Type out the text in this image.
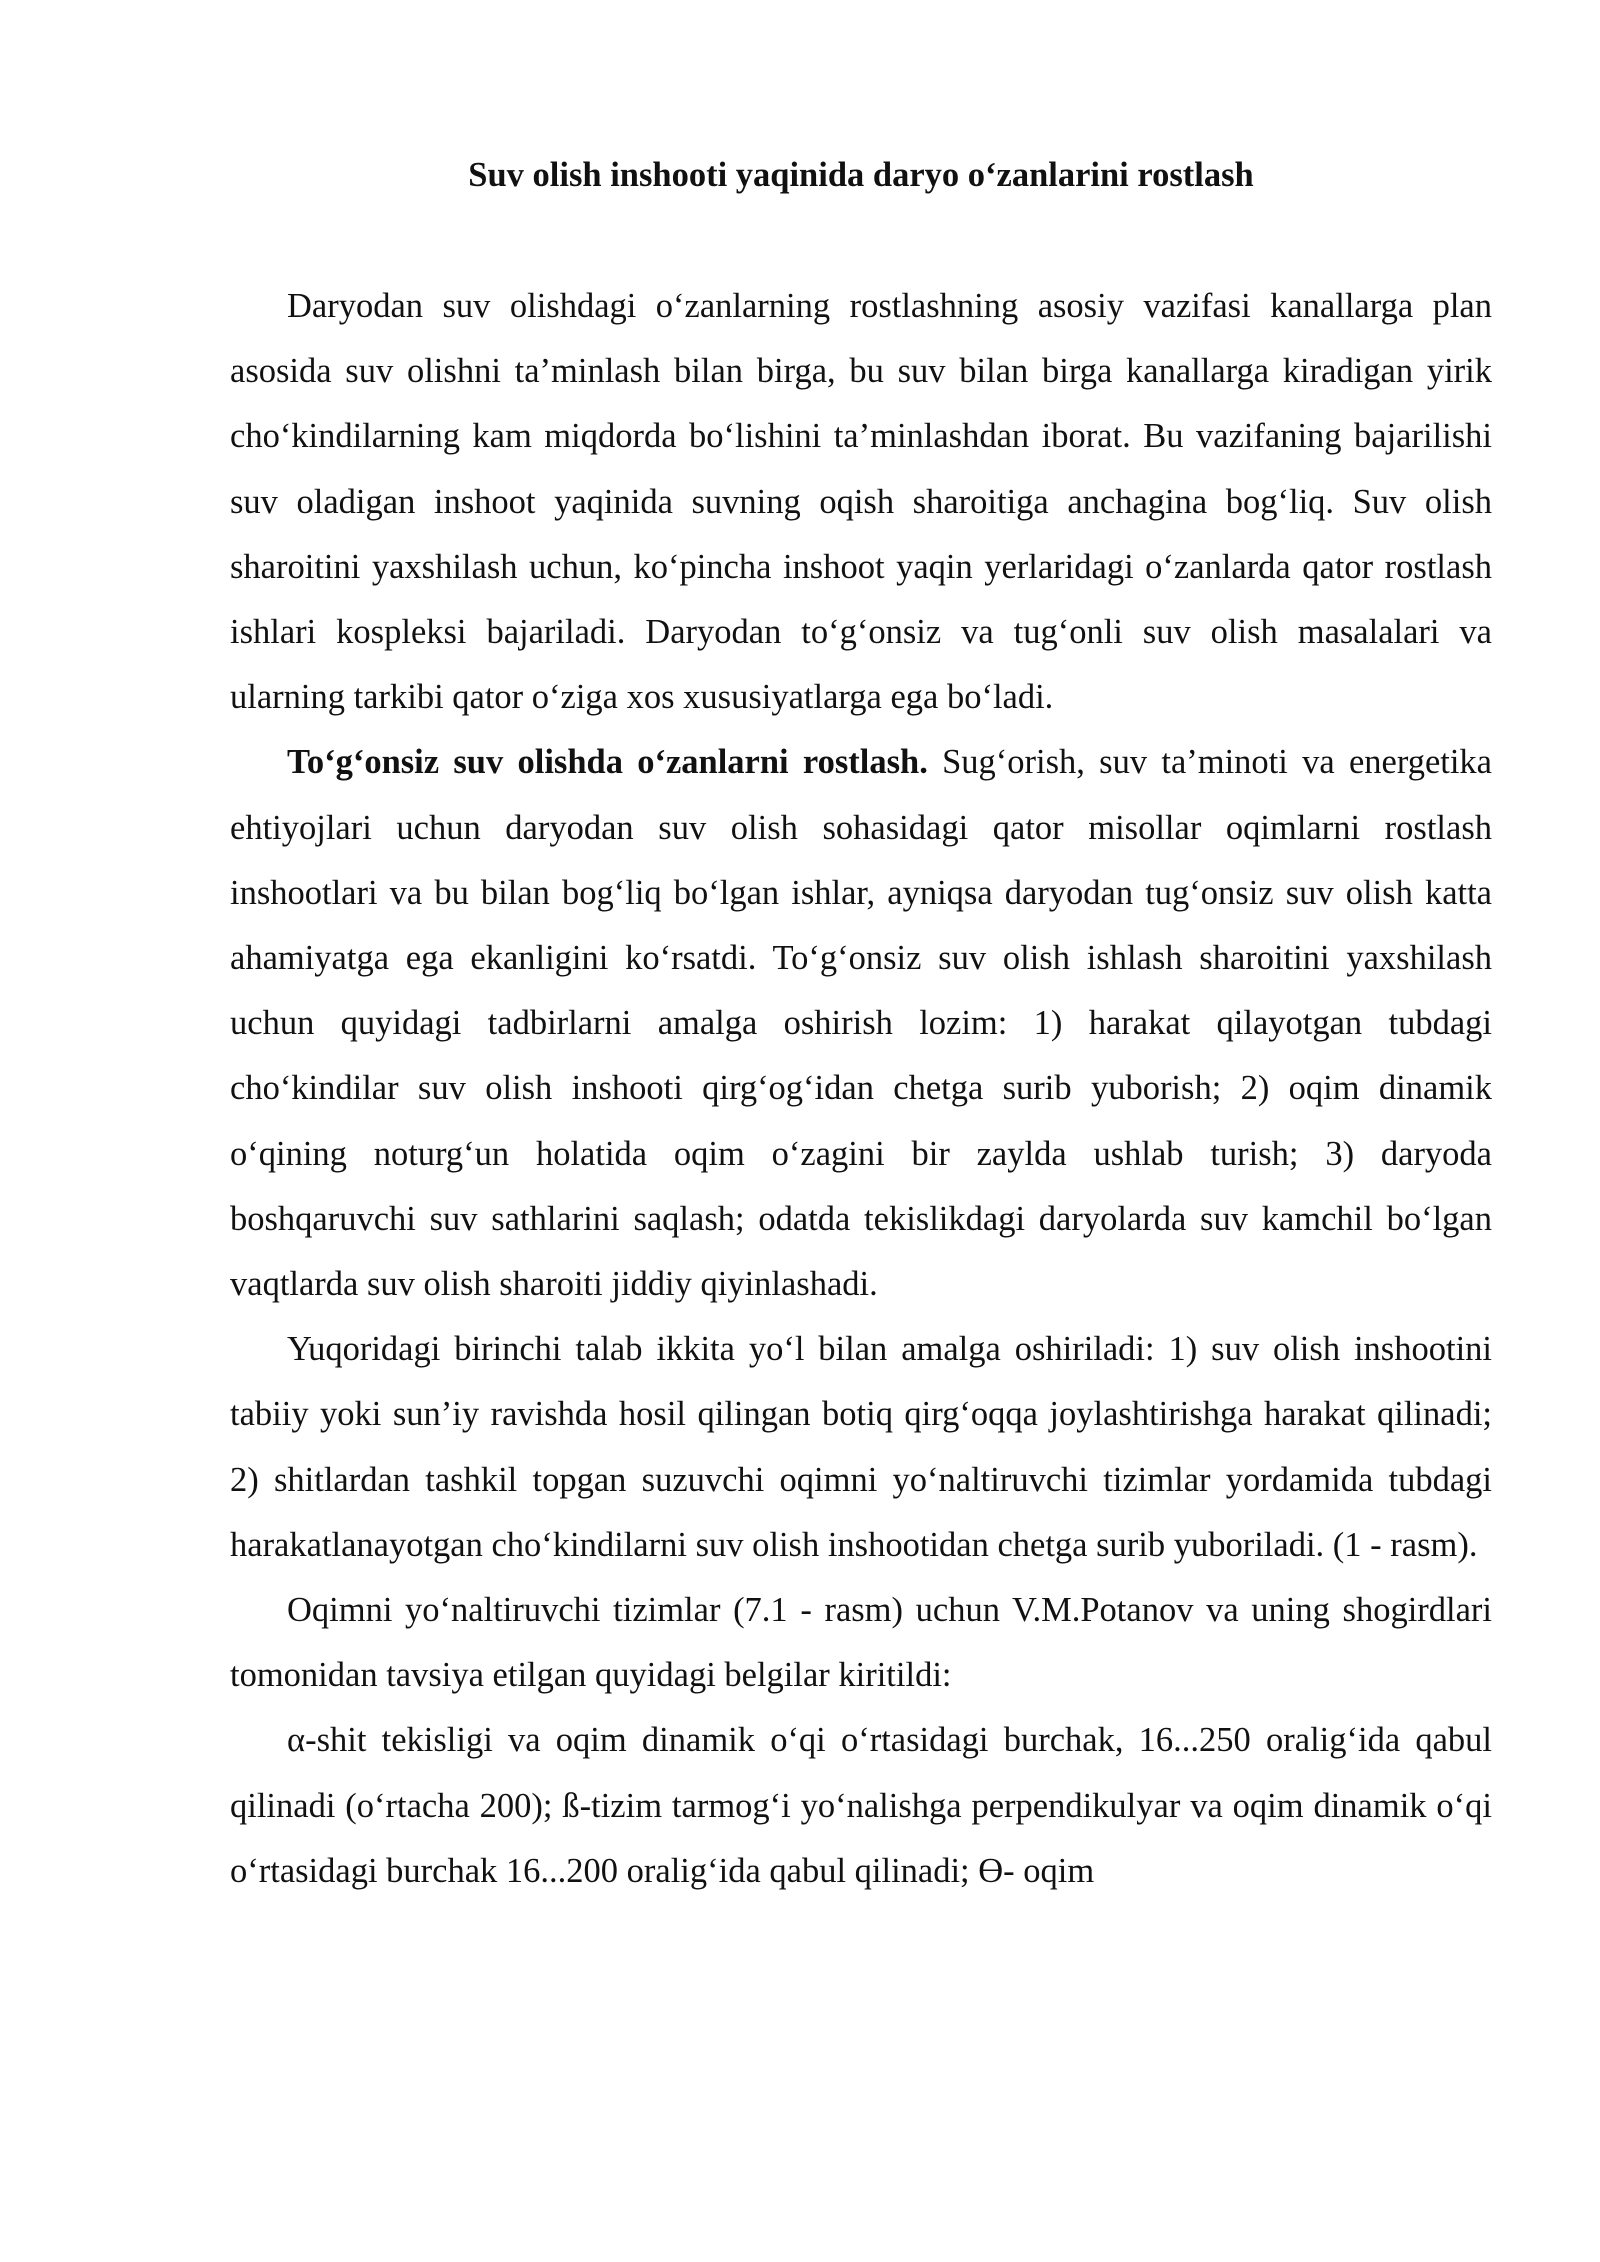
Suv olish inshooti yaqinida daryo o‘zanlarini rostlash

Daryodan suv olishdagi o‘zanlarning rostlashning asosiy vazifasi kanallarga plan asosida suv olishni ta’minlash bilan birga, bu suv bilan birga kanallarga kiradigan yirik cho‘kindilarning kam miqdorda bo‘lishini ta’minlashdan iborat. Bu vazifaning bajarilishi suv oladigan inshoot yaqinida suvning oqish sharoitiga anchagina bog‘liq. Suv olish sharoitini yaxshilash uchun, ko‘pincha inshoot yaqin yerlaridagi o‘zanlarda qator rostlash ishlari kospleksi bajariladi. Daryodan to‘g‘onsiz va tug‘onli suv olish masalalari va ularning tarkibi qator o‘ziga xos xususiyatlarga ega bo‘ladi.

To‘g‘onsiz suv olishda o‘zanlarni rostlash. Sug‘orish, suv ta’minoti va energetika ehtiyojlari uchun daryodan suv olish sohasidagi qator misollar oqimlarni rostlash inshootlari va bu bilan bog‘liq bo‘lgan ishlar, ayniqsa daryodan tug‘onsiz suv olish katta ahamiyatga ega ekanligini ko‘rsatdi. To‘g‘onsiz suv olish ishlash sharoitini yaxshilash uchun quyidagi tadbirlarni amalga oshirish lozim: 1) harakat qilayotgan tubdagi cho‘kindilar suv olish inshooti qirg‘og‘idan chetga surib yuborish; 2) oqim dinamik o‘qining noturg‘un holatida oqim o‘zagini bir zaylda ushlab turish; 3) daryoda boshqaruvchi suv sathlarini saqlash; odatda tekislikdagi daryolarda suv kamchil bo‘lgan vaqtlarda suv olish sharoiti jiddiy qiyinlashadi.

Yuqoridagi birinchi talab ikkita yo‘l bilan amalga oshiriladi: 1) suv olish inshootini tabiiy yoki sun’iy ravishda hosil qilingan botiq qirg‘oqqa joylashtirishga harakat qilinadi; 2) shitlardan tashkil topgan suzuvchi oqimni yo‘naltiruvchi tizimlar yordamida tubdagi harakatlanayotgan cho‘kindilarni suv olish inshootidan chetga surib yuboriladi. (1 - rasm).

Oqimni yo‘naltiruvchi tizimlar (7.1 - rasm) uchun V.M.Potanov va uning shogirdlari tomonidan tavsiya etilgan quyidagi belgilar kiritildi:

α-shit tekisligi va oqim dinamik o‘qi o‘rtasidagi burchak, 16...250 oralig‘ida qabul qilinadi (o‘rtacha 200); ß-tizim tarmog‘i yo‘nalishga perpendikulyar va oqim dinamik o‘qi o‘rtasidagi burchak 16...200 oralig‘ida qabul qilinadi; Ө- oqim
